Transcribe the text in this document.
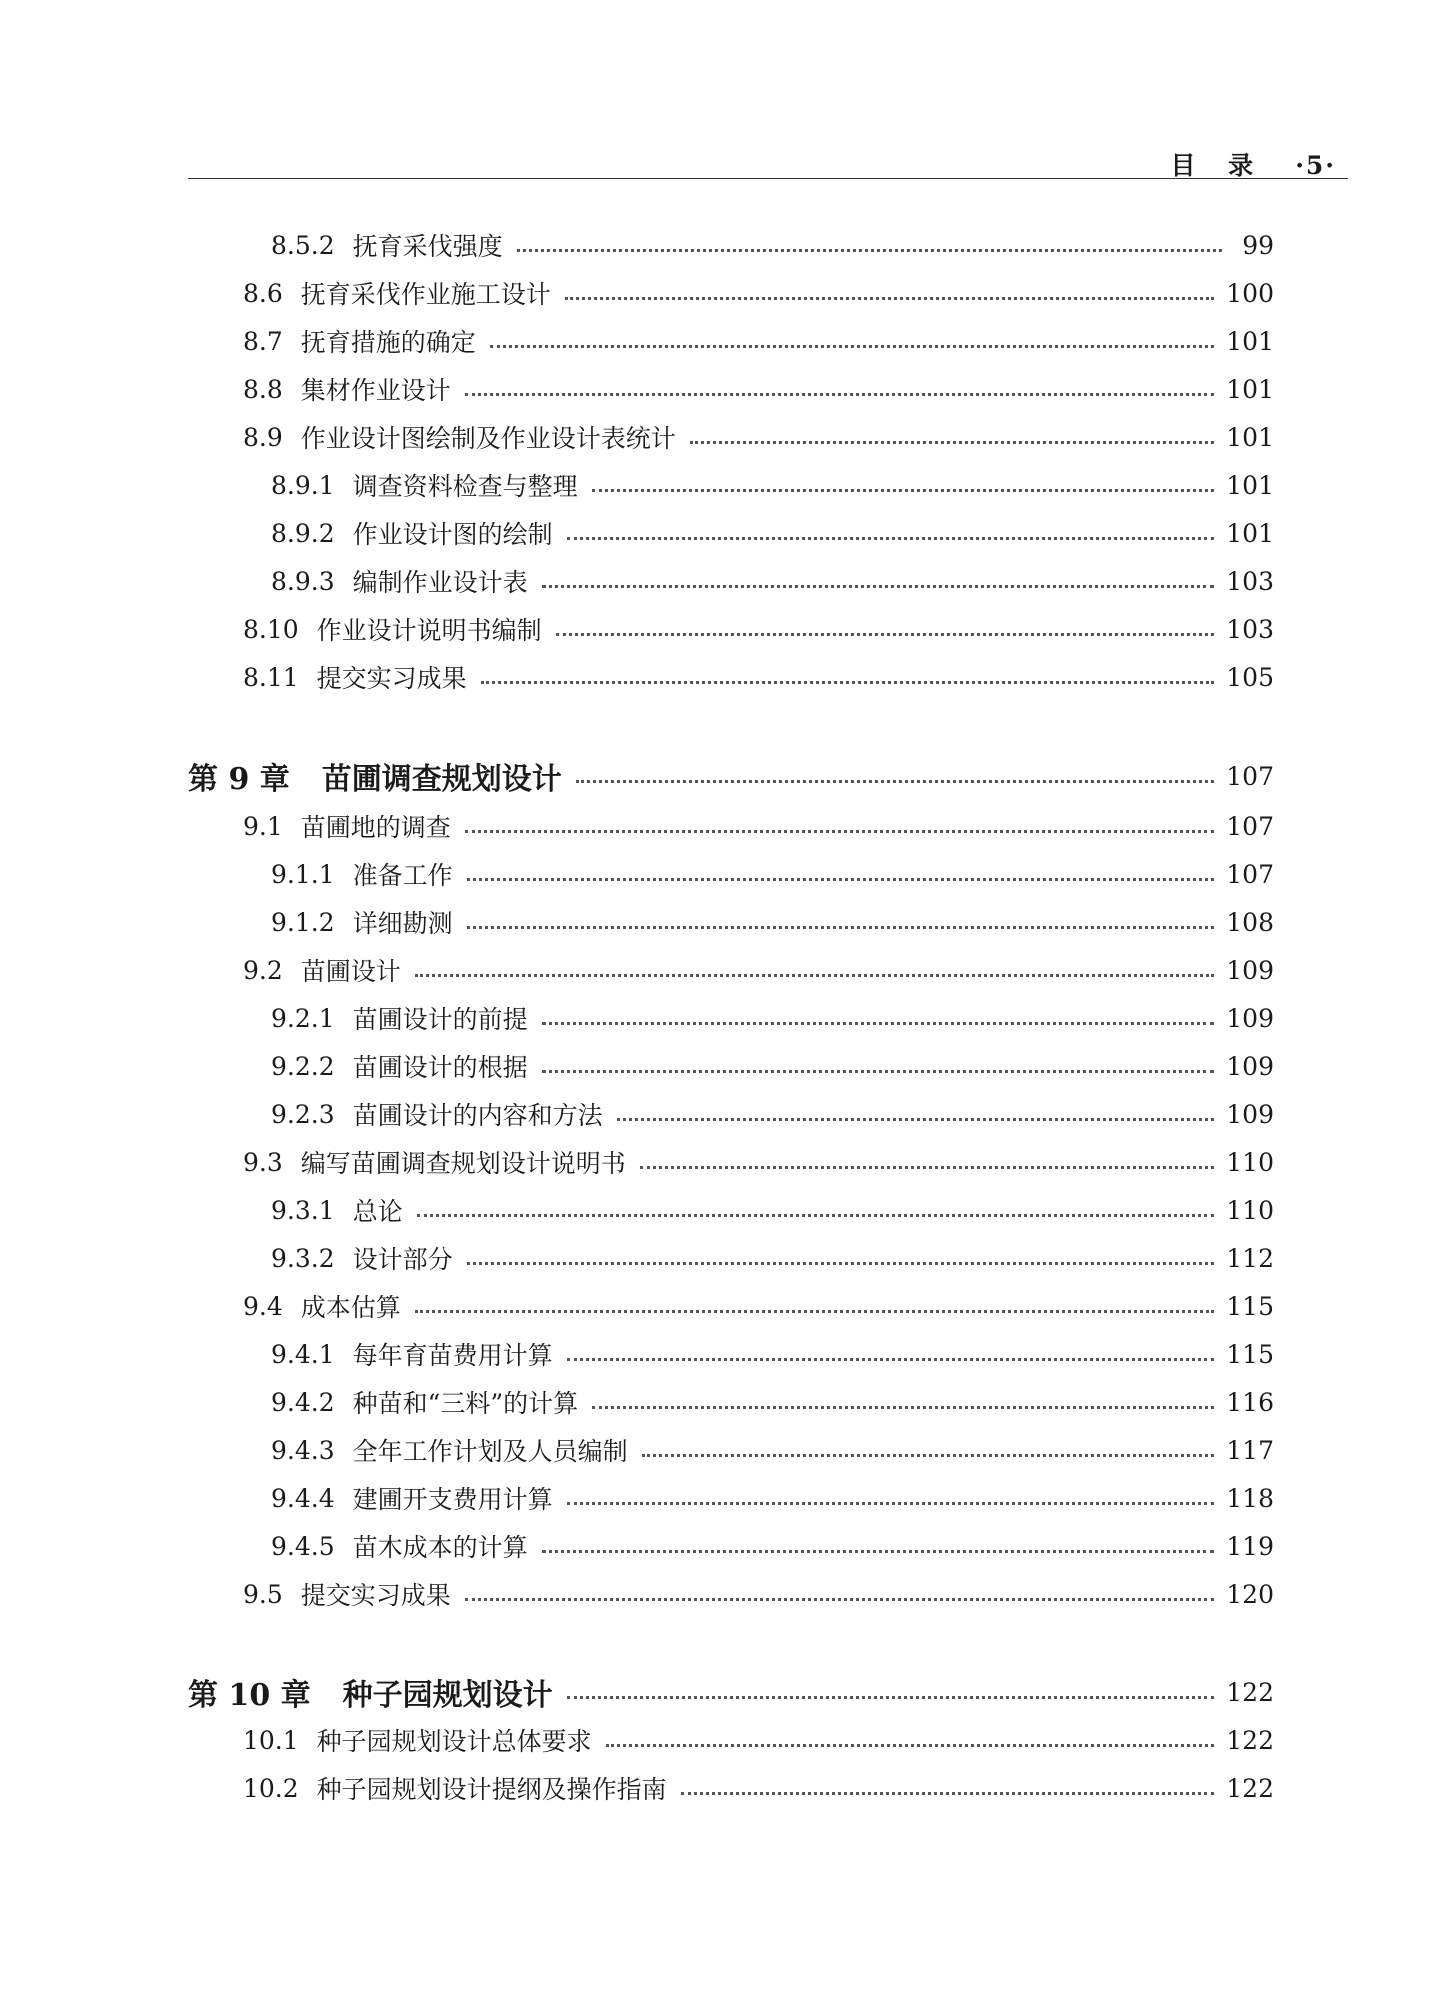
目 录 ·5·
8.5.2 抚育采伐强度	99
8.6 抚育采伐作业施工设计	100
8.7 抚育措施的确定	101
8.8 集材作业设计	101
8.9 作业设计图绘制及作业设计表统计	101
8.9.1 调查资料检查与整理	101
8.9.2 作业设计图的绘制	101
8.9.3 编制作业设计表	103
8.10 作业设计说明书编制	103
8.11 提交实习成果	105
第 9 章 苗圃调查规划设计	107
9.1 苗圃地的调查	107
9.1.1 准备工作	107
9.1.2 详细勘测	108
9.2 苗圃设计	109
9.2.1 苗圃设计的前提	109
9.2.2 苗圃设计的根据	109
9.2.3 苗圃设计的内容和方法	109
9.3 编写苗圃调查规划设计说明书	110
9.3.1 总论	110
9.3.2 设计部分	112
9.4 成本估算	115
9.4.1 每年育苗费用计算	115
9.4.2 种苗和“三料”的计算	116
9.4.3 全年工作计划及人员编制	117
9.4.4 建圃开支费用计算	118
9.4.5 苗木成本的计算	119
9.5 提交实习成果	120
第 10 章 种子园规划设计	122
10.1 种子园规划设计总体要求	122
10.2 种子园规划设计提纲及操作指南	122
